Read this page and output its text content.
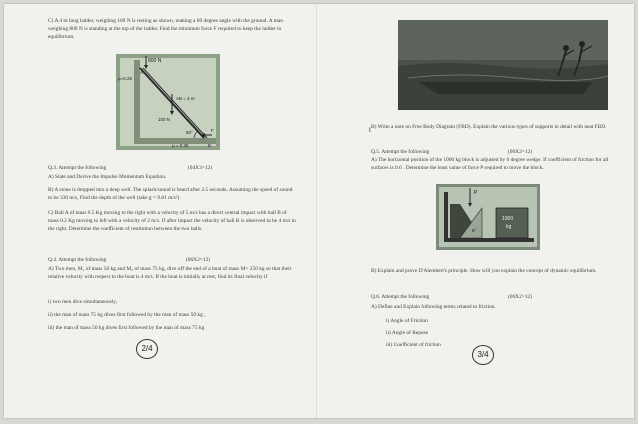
C) A 4 m long ladder, weighing 100 N is resting as shown, making a 60 degree angle with the ground. A man weighing 800 N is standing at the top of the ladder. Find the minimum force F required to keep the ladder in equilibrium.

800 N
μ=0.25
A
AB = 4 m
100 N
60°	F
μ = 0.35	B
Q.3. Attempt the following	(04X3=12)

A) State and Derive the Impulse Momentum Equation.

B) A stone is dropped into a deep well. The splash/sound is heard after 2.5 seconds. Assuming the speed of sound to be 330 m/s, Find the depth of the well (take g = 9.81 m/s²).

C) Ball A of mass 0.5 Kg moving to the right with a velocity of 5 m/s has a direct central impact with ball B of mass 0.2 Kg moving to left with a velocity of 2 m/s. If after impact the velocity of ball B is observed to be 4 m/s to the right. Determine the coefficient of restitution between the two balls.

Q.4. Attempt the following	(06X2=12)

A) Two men, M₁ of mass 50 kg and M₂ of mass 75 kg, dive off the end of a boat of mass M= 250 kg so that their relative velocity with respect to the boat is 4 m/s. If the boat is initially at rest, find its final velocity if

i) two men dive simultaneously,

ii) the man of mass 75 kg dives first followed by the man of mass 50 kg ,

iii) the man of mass 50 kg dives first followed by the man of mass 75 kg

2/4
ℓ B) Write a note on Free Body Diagram (FBD). Explain the various types of supports in detail with neat FBD.

Q.5. Attempt the following	(06X2=12)

A) The horizontal position of the 1000 kg block is adjusted by 6 degree wedge. If coefficient of friction for all surfaces is 0.6 . Determine the least value of force P required to move the block.

P
6°
1000
kg

B) Explain and prove D'Alembert's principle. How will you explain the concept of dynamic equilibrium.

Q.6. Attempt the following	(06X2=12)

A) Define and Explain following terms related to friction.

i) Angle of Friction

ii) Angle of Repose

iii) Coefficient of friction

3/4
